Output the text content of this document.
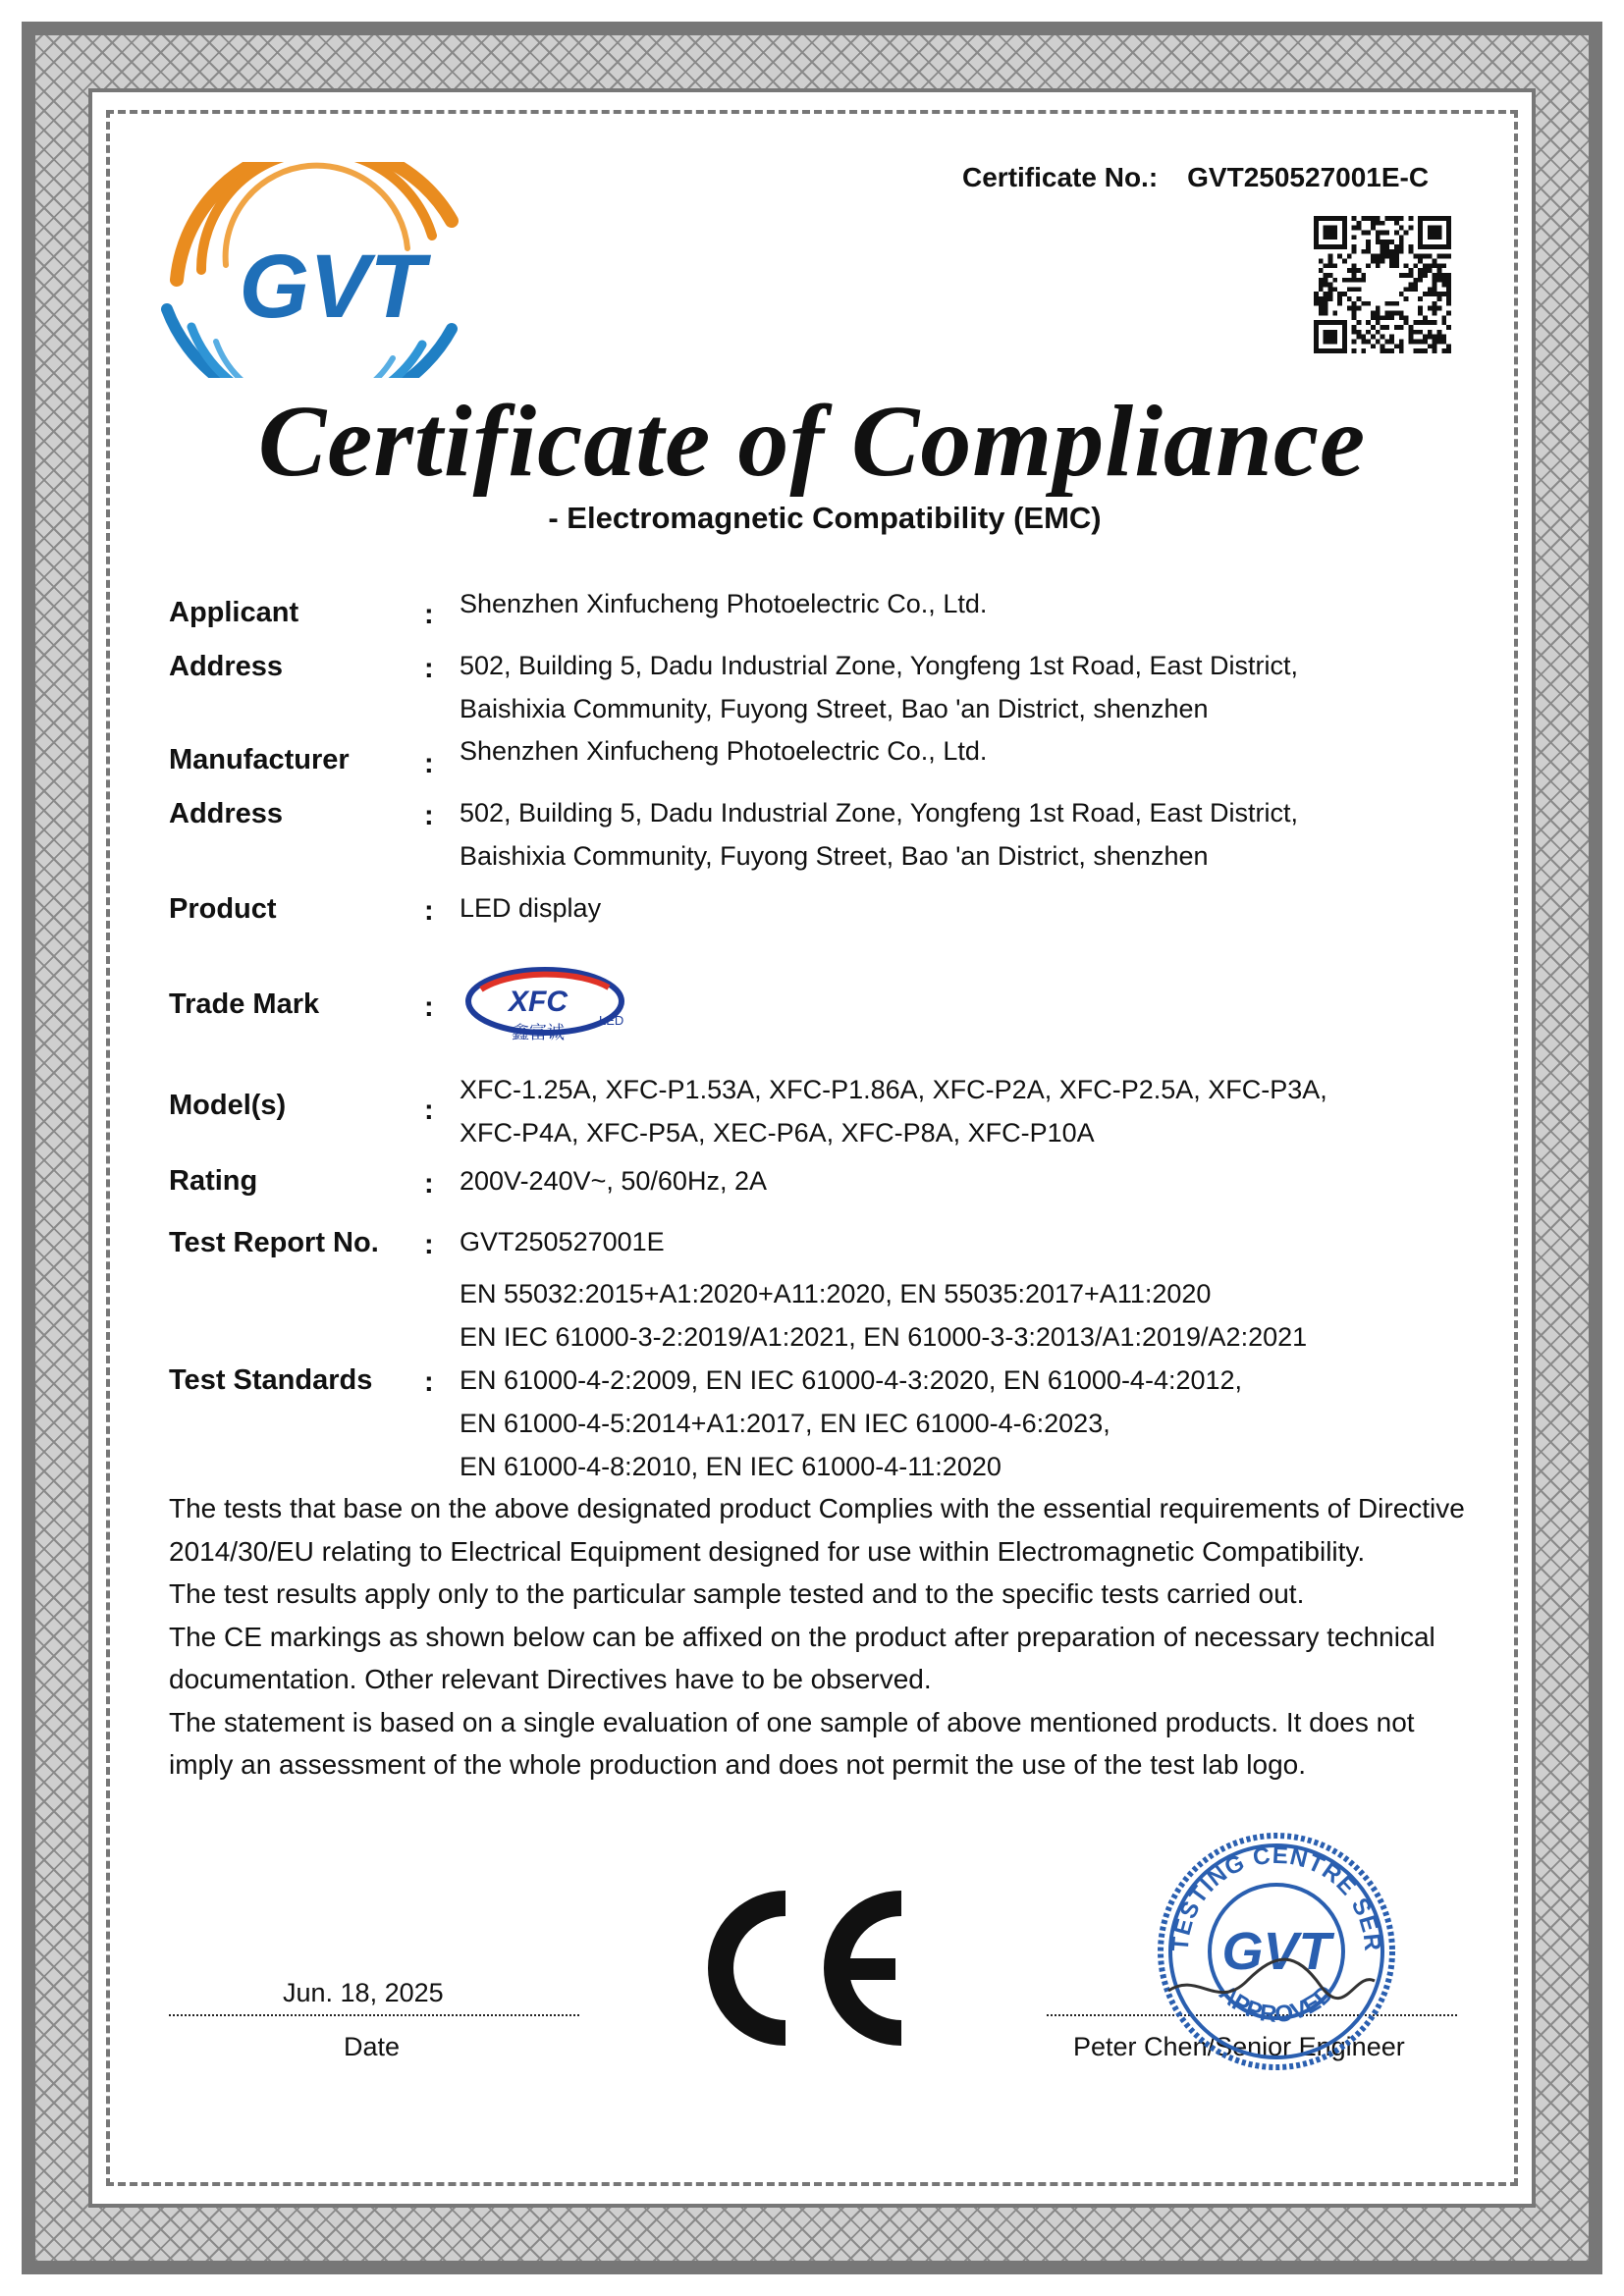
GVT
Certificate No.: GVT250527001E-C
Certificate of Compliance
- Electromagnetic Compatibility (EMC)
Applicant	: Shenzhen Xinfucheng Photoelectric Co., Ltd.
Address	: 502, Building 5, Dadu Industrial Zone, Yongfeng 1st Road, East District,
Baishixia Community, Fuyong Street, Bao 'an District, shenzhen
Manufacturer	: Shenzhen Xinfucheng Photoelectric Co., Ltd.
Address	: 502, Building 5, Dadu Industrial Zone, Yongfeng 1st Road, East District,
Baishixia Community, Fuyong Street, Bao 'an District, shenzhen
Product	: LED display
Trade Mark	:	XFC
鑫富诚
LED
Model(s)	:
XFC-1.25A, XFC-P1.53A, XFC-P1.86A, XFC-P2A, XFC-P2.5A, XFC-P3A,
XFC-P4A, XFC-P5A, XEC-P6A, XFC-P8A, XFC-P10A
Rating	: 200V-240V~, 50/60Hz, 2A
Test Report No. : GVT250527001E
Test Standards :
EN 55032:2015+A1:2020+A11:2020, EN 55035:2017+A11:2020
EN IEC 61000-3-2:2019/A1:2021, EN 61000-3-3:2013/A1:2019/A2:2021
EN 61000-4-2:2009, EN IEC 61000-4-3:2020, EN 61000-4-4:2012,
EN 61000-4-5:2014+A1:2017, EN IEC 61000-4-6:2023,
EN 61000-4-8:2010, EN IEC 61000-4-11:2020

The tests that base on the above designated product Complies with the essential requirements of Directive 2014/30/EU relating to Electrical Equipment designed for use within Electromagnetic Compatibility.

The test results apply only to the particular sample tested and to the specific tests carried out.

The CE markings as shown below can be affixed on the product after preparation of necessary technical documentation. Other relevant Directives have to be observed.

The statement is based on a single evaluation of one sample of above mentioned products. It does not imply an assessment of the whole production and does not permit the use of the test lab logo.

Jun. 18, 2025
Date	Peter Chen/Senior Engineer
TESTING CENTRE SER
APPROVED
GVT
